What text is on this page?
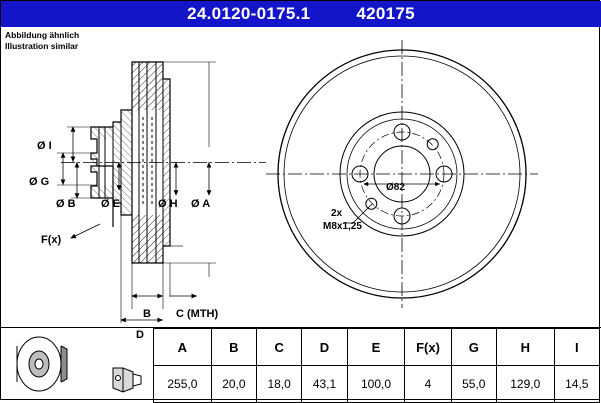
24.0120-0175.1	420175
Abbildung ähnlich
Illustration similar
Ø I
Ø G
Ø B Ø E	Ø H Ø A
F(x)
B C (MTH)
D
Ø82
2x
M8x1,25
A	B	C	D	E	F(x)	G	H	I
255,0	20,0	18,0	43,1	100,0	4	55,0	129,0	14,5
